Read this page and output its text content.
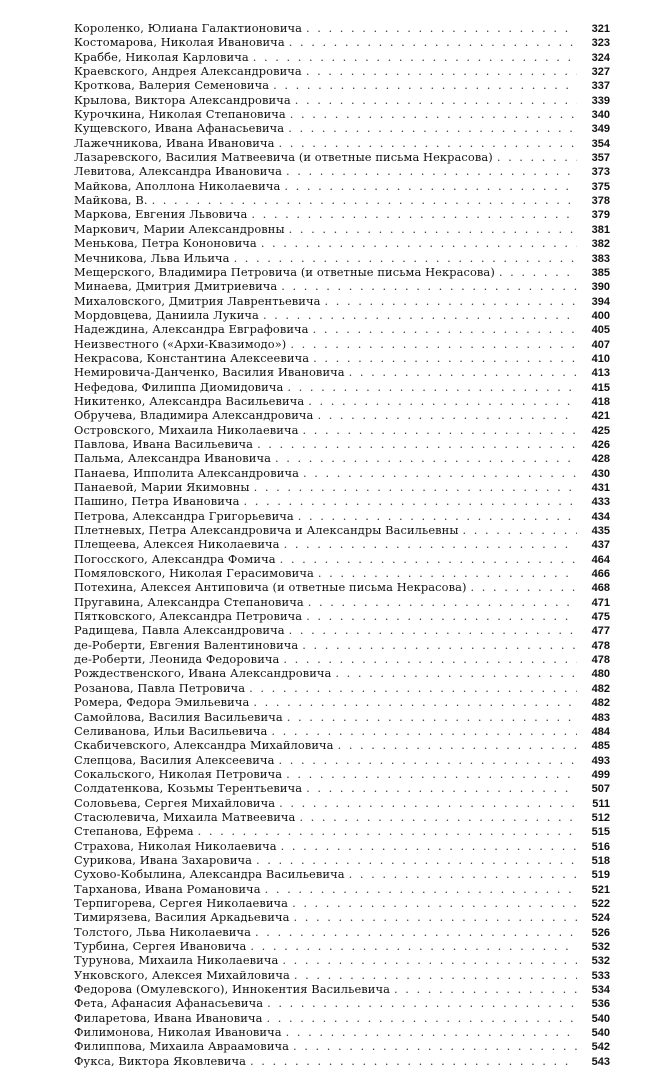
Короленко, Юлиана Галактионовича . . .	321
Костомарова, Николая Ивановича . . .	323
Краббе, Николая Карловича . . .	324
Краевского, Андрея Александровича . . .	327
Кроткова, Валерия Семеновича . . .	337
Крылова, Виктора Александровича . . .	339
Курочкина, Николая Степановича . . .	340
Кущевского, Ивана Афанасьевича . . .	349
Лажечникова, Ивана Ивановича . . .	354
Лазаревского, Василия Матвеевича (и ответные письма Некрасова) . . .	357
Левитова, Александра Ивановича . . .	373
Майкова, Аполлона Николаевича . . .	375
Майкова, В. . . .	378
Маркова, Евгения Львовича . . .	379
Маркович, Марии Александровны . . .	381
Менькова, Петра Кононовича . . .	382
Мечникова, Льва Ильича . . .	383
Мещерского, Владимира Петровича (и ответные письма Некрасова) . . .	385
Минаева, Дмитрия Дмитриевича . . .	390
Михаловского, Дмитрия Лаврентьевича . . .	394
Мордовцева, Даниила Лукича . . .	400
Надеждина, Александра Евграфовича . . .	405
Неизвестного («Архи-Квазимодо») . . .	407
Некрасова, Константина Алексеевича . . .	410
Немировича-Данченко, Василия Ивановича . . .	413
Нефедова, Филиппа Диомидовича . . .	415
Никитенко, Александра Васильевича . . .	418
Обручева, Владимира Александровича . . .	421
Островского, Михаила Николаевича . . .	425
Павлова, Ивана Васильевича . . .	426
Пальма, Александра Ивановича . . .	428
Панаева, Ипполита Александровича . . .	430
Панаевой, Марии Якимовны . . .	431
Пашино, Петра Ивановича . . .	433
Петрова, Александра Григорьевича . . .	434
Плетневых, Петра Александровича и Александры Васильевны . . .	435
Плещеева, Алексея Николаевича . . .	437
Погосского, Александра Фомича . . .	464
Помяловского, Николая Герасимовича . . .	466
Потехина, Алексея Антиповича (и ответные письма Некрасова) . . .	468
Пругавина, Александра Степановича . . .	471
Пятковского, Александра Петровича . . .	475
Радищева, Павла Александровича . . .	477
де-Роберти, Евгения Валентиновича . . .	478
де-Роберти, Леонида Федоровича . . .	478
Рождественского, Ивана Александровича . . .	480
Розанова, Павла Петровича . . .	482
Ромера, Федора Эмильевича . . .	482
Самойлова, Василия Васильевича . . .	483
Селиванова, Ильи Васильевича . . .	484
Скабичевского, Александра Михайловича . . .	485
Слепцова, Василия Алексеевича . . .	493
Сокальского, Николая Петровича . . .	499
Солдатенкова, Козьмы Терентьевича . . .	507
Соловьева, Сергея Михайловича . . .	511
Стасюлевича, Михаила Матвеевича . . .	512
Степанова, Ефрема . . .	515
Страхова, Николая Николаевича . . .	516
Сурикова, Ивана Захаровича . . .	518
Сухово-Кобылина, Александра Васильевича . . .	519
Тарханова, Ивана Романовича . . .	521
Терпигорева, Сергея Николаевича . . .	522
Тимирязева, Василия Аркадьевича . . .	524
Толстого, Льва Николаевича . . .	526
Турбина, Сергея Ивановича . . .	532
Турунова, Михаила Николаевича . . .	532
Унковского, Алексея Михайловича . . .	533
Федорова (Омулевского), Иннокентия Васильевича . . .	534
Фета, Афанасия Афанасьевича . . .	536
Филаретова, Ивана Ивановича . . .	540
Филимонова, Николая Ивановича . . .	540
Филиппова, Михаила Авраамовича . . .	542
Фукса, Виктора Яковлевича . . .	543
